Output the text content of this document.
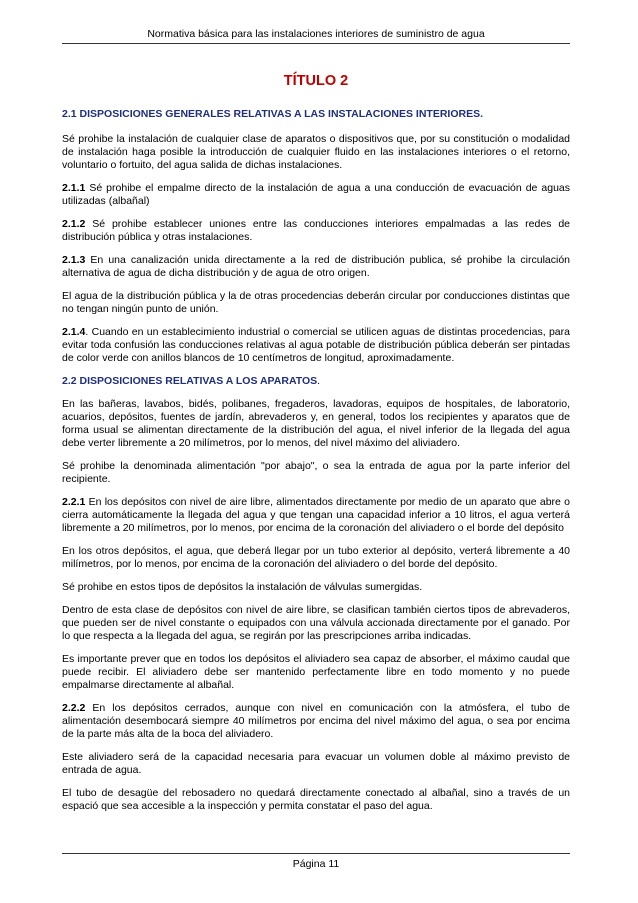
Normativa básica para las instalaciones interiores de suministro de agua
TÍTULO 2

2.1 DISPOSICIONES GENERALES RELATIVAS A LAS INSTALACIONES INTERIORES.

Sé prohibe la instalación de cualquier clase de aparatos o dispositivos que, por su constitución o modalidad de instalación haga posible la introducción de cualquier fluido en las instalaciones interiores o el retorno, voluntario o fortuito, del agua salida de dichas instalaciones.

2.1.1 Sé prohibe el empalme directo de la instalación de agua a una conducción de evacuación de aguas utilizadas (albañal)

2.1.2 Sé prohibe establecer uniones entre las conducciones interiores empalmadas a las redes de distribución pública y otras instalaciones.

2.1.3 En una canalización unida directamente a la red de distribución publica, sé prohibe la circulación alternativa de agua de dicha distribución y de agua de otro origen.

El agua de la distribución pública y la de otras procedencias deberán circular por conducciones distintas que no tengan ningún punto de unión.

2.1.4. Cuando en un establecimiento industrial o comercial se utilicen aguas de distintas procedencias, para evitar toda confusión las conducciones relativas al agua potable de distribución pública deberán ser pintadas de color verde con anillos blancos de 10 centímetros de longitud, aproximadamente.

2.2 DISPOSICIONES RELATIVAS A LOS APARATOS.

En las bañeras, lavabos, bidés, polibanes, fregaderos, lavadoras, equipos de hospitales, de laboratorio, acuarios, depósitos, fuentes de jardín, abrevaderos y, en general, todos los recipientes y aparatos que de forma usual se alimentan directamente de la distribución del agua, el nivel inferior de la llegada del agua debe verter libremente a 20 milímetros, por lo menos, del nivel máximo del aliviadero.

Sé prohibe la denominada alimentación "por abajo", o sea la entrada de agua por la parte inferior del recipiente.

2.2.1 En los depósitos con nivel de aire libre, alimentados directamente por medio de un aparato que abre o cierra automáticamente la llegada del agua y que tengan una capacidad inferior a 10 litros, el agua verterá libremente a 20 milímetros, por lo menos, por encima de la coronación del aliviadero o el borde del depósito

En los otros depósitos, el agua, que deberá llegar por un tubo exterior al depósito, verterá libremente a 40 milímetros, por lo menos, por encima de la coronación del aliviadero o del borde del depósito.

Sé prohibe en estos tipos de depósitos la instalación de válvulas sumergidas.

Dentro de esta clase de depósitos con nivel de aire libre, se clasifican también ciertos tipos de abrevaderos, que pueden ser de nivel constante o equipados con una válvula accionada directamente por el ganado. Por lo que respecta a la llegada del agua, se regirán por las prescripciones arriba indicadas.

Es importante prever que en todos los depósitos el aliviadero sea capaz de absorber, el máximo caudal que puede recibir. El aliviadero debe ser mantenido perfectamente libre en todo momento y no puede empalmarse directamente al albañal.

2.2.2 En los depósitos cerrados, aunque con nivel en comunicación con la atmósfera, el tubo de alimentación desembocará siempre 40 milímetros por encima del nivel máximo del agua, o sea por encima de la parte más alta de la boca del aliviadero.

Este aliviadero será de la capacidad necesaria para evacuar un volumen doble al máximo previsto de entrada de agua.

El tubo de desagüe del rebosadero no quedará directamente conectado al albañal, sino a través de un espació que sea accesible a la inspección y permita constatar el paso del agua.

Página 11
